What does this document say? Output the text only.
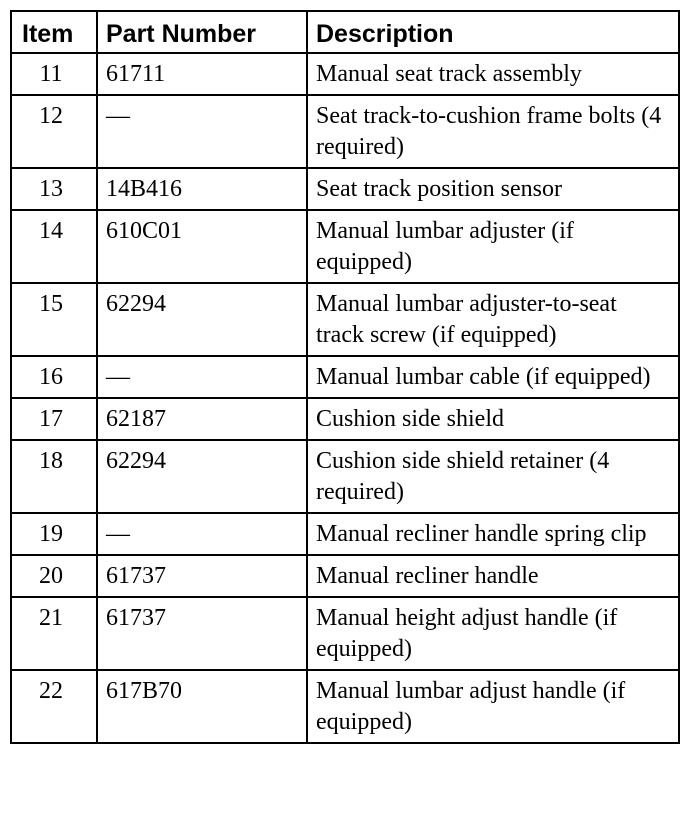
Item	Part Number	Description
11	61711	Manual seat track assembly
12	—	Seat track-to-cushion frame bolts (4 required)
13	14B416	Seat track position sensor
14	610C01	Manual lumbar adjuster (if equipped)
15	62294	Manual lumbar adjuster-to-seat track screw (if equipped)
16	—	Manual lumbar cable (if equipped)
17	62187	Cushion side shield
18	62294	Cushion side shield retainer (4 required)
19	—	Manual recliner handle spring clip
20	61737	Manual recliner handle
21	61737	Manual height adjust handle (if equipped)
22	617B70	Manual lumbar adjust handle (if equipped)
